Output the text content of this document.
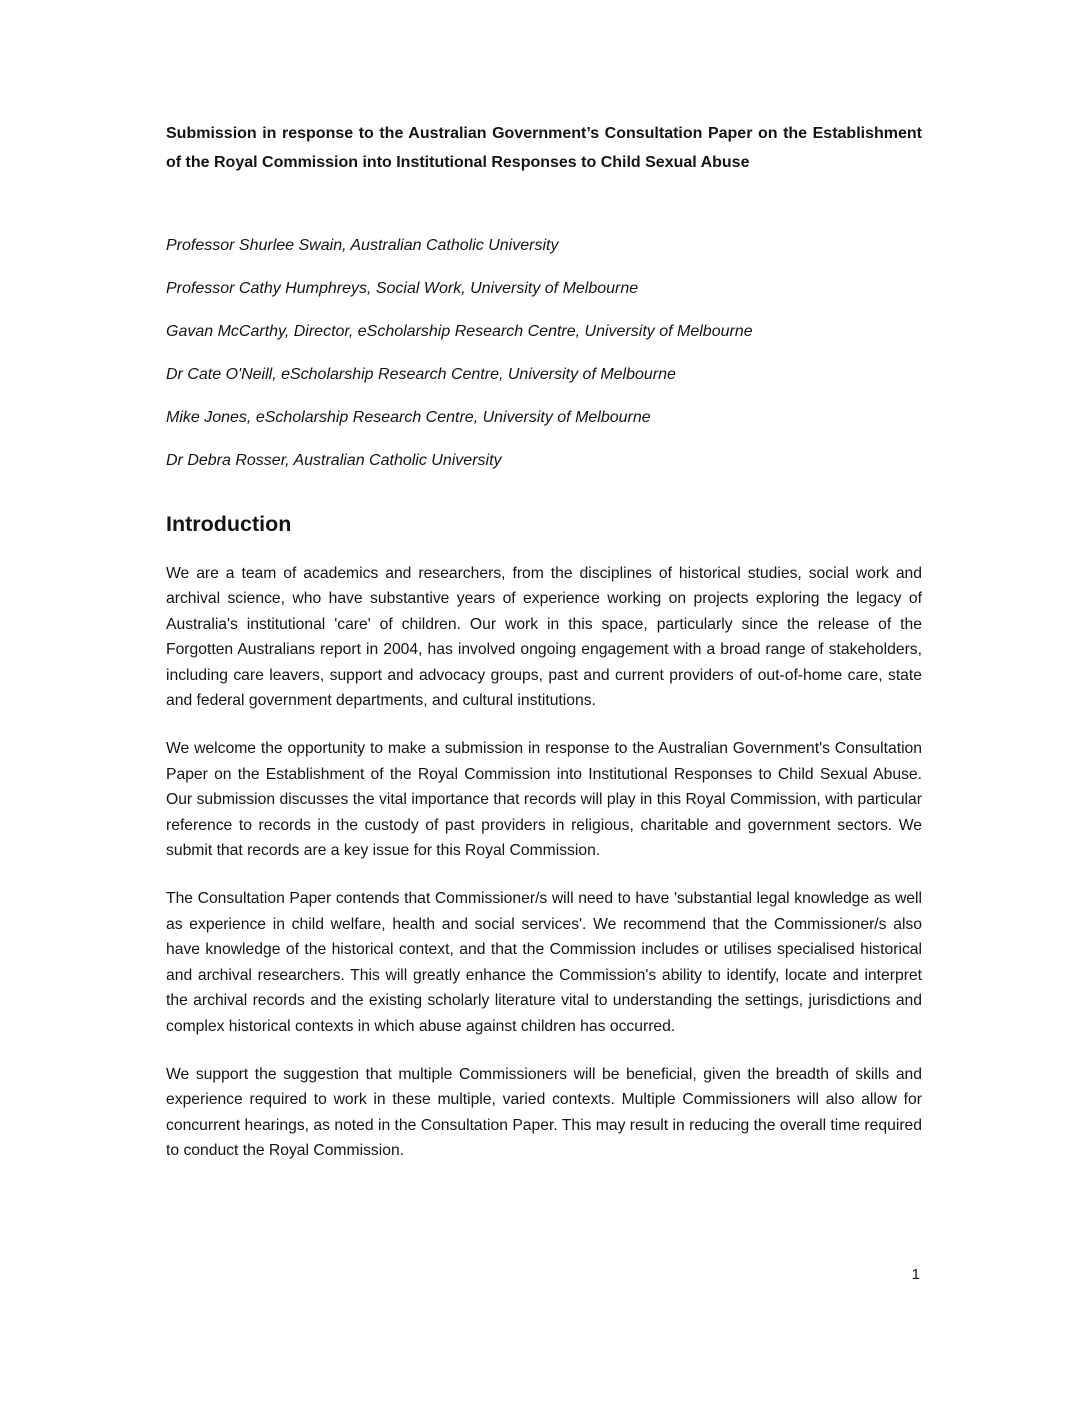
Submission in response to the Australian Government’s Consultation Paper on the Establishment of the Royal Commission into Institutional Responses to Child Sexual Abuse

Professor Shurlee Swain, Australian Catholic University

Professor Cathy Humphreys, Social Work, University of Melbourne

Gavan McCarthy, Director, eScholarship Research Centre, University of Melbourne

Dr Cate O'Neill, eScholarship Research Centre, University of Melbourne

Mike Jones, eScholarship Research Centre, University of Melbourne

Dr Debra Rosser, Australian Catholic University

Introduction

We are a team of academics and researchers, from the disciplines of historical studies, social work and archival science, who have substantive years of experience working on projects exploring the legacy of Australia's institutional 'care' of children. Our work in this space, particularly since the release of the Forgotten Australians report in 2004, has involved ongoing engagement with a broad range of stakeholders, including care leavers, support and advocacy groups, past and current providers of out-of-home care, state and federal government departments, and cultural institutions.

We welcome the opportunity to make a submission in response to the Australian Government's Consultation Paper on the Establishment of the Royal Commission into Institutional Responses to Child Sexual Abuse. Our submission discusses the vital importance that records will play in this Royal Commission, with particular reference to records in the custody of past providers in religious, charitable and government sectors. We submit that records are a key issue for this Royal Commission.

The Consultation Paper contends that Commissioner/s will need to have 'substantial legal knowledge as well as experience in child welfare, health and social services'. We recommend that the Commissioner/s also have knowledge of the historical context, and that the Commission includes or utilises specialised historical and archival researchers. This will greatly enhance the Commission's ability to identify, locate and interpret the archival records and the existing scholarly literature vital to understanding the settings, jurisdictions and complex historical contexts in which abuse against children has occurred.

We support the suggestion that multiple Commissioners will be beneficial, given the breadth of skills and experience required to work in these multiple, varied contexts. Multiple Commissioners will also allow for concurrent hearings, as noted in the Consultation Paper. This may result in reducing the overall time required to conduct the Royal Commission.

1
